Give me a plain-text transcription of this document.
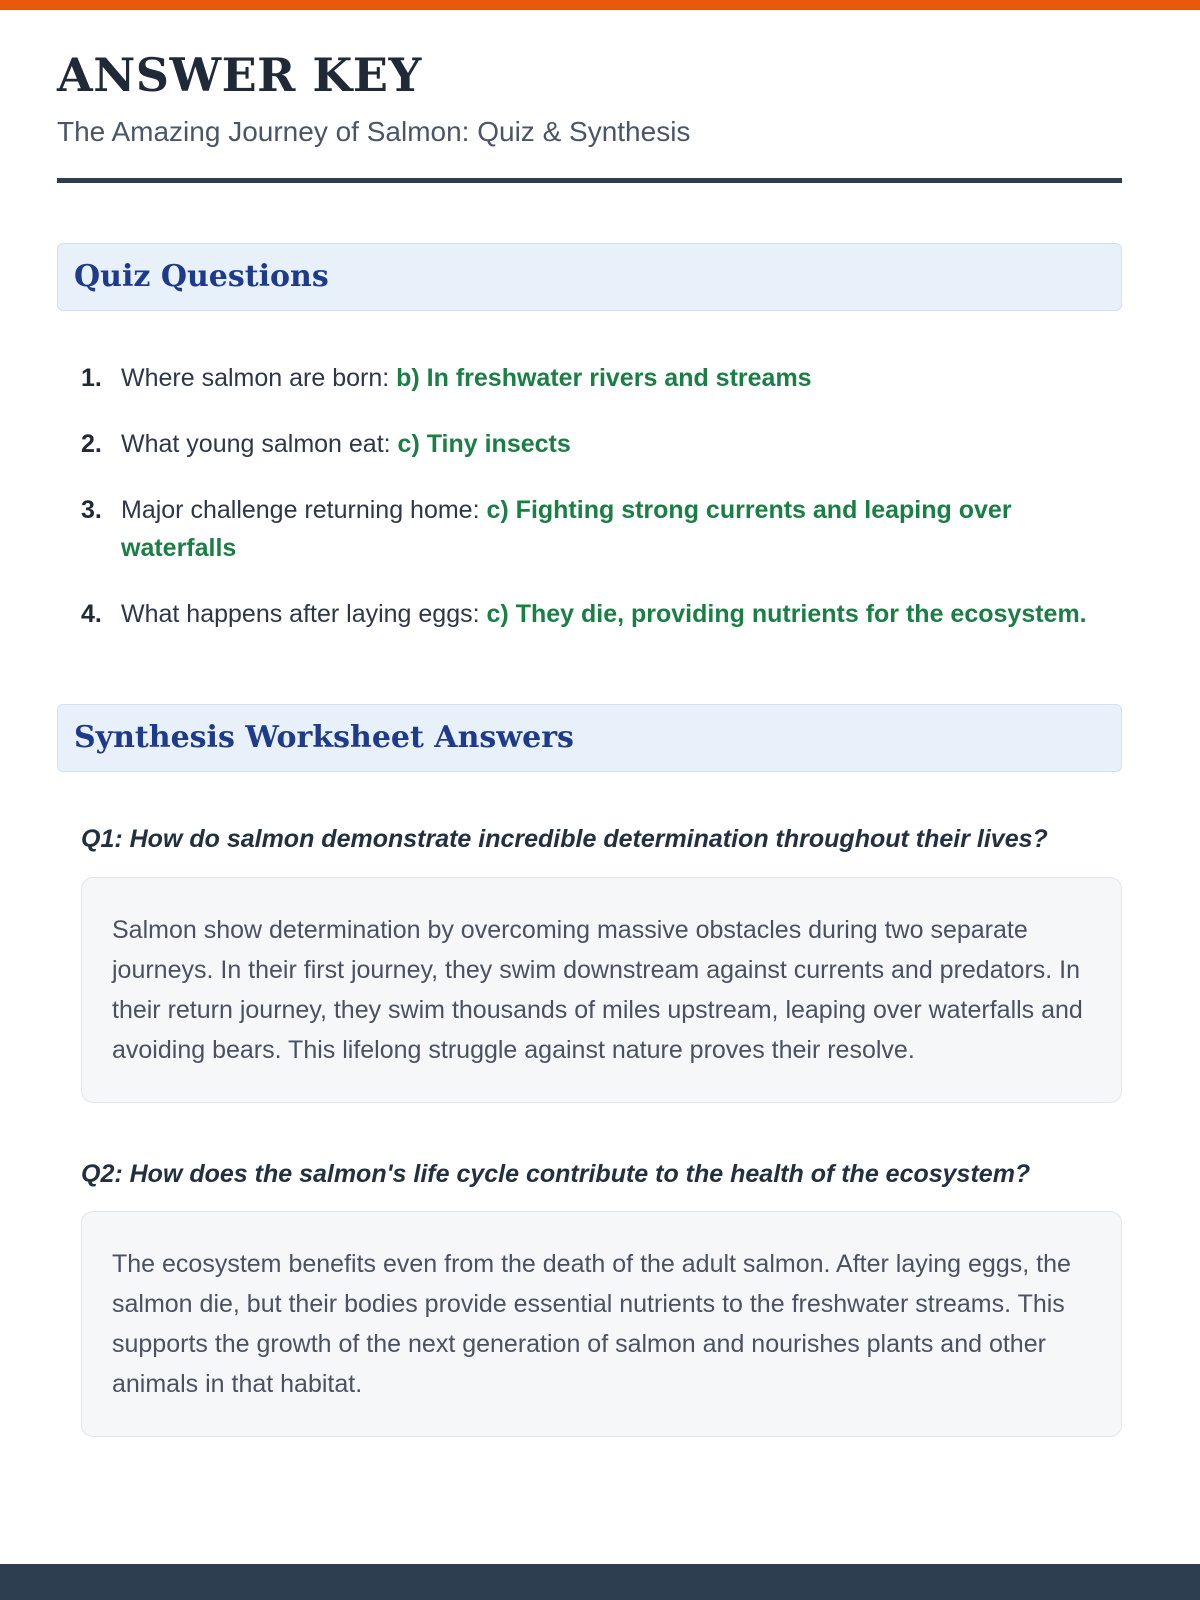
ANSWER KEY

The Amazing Journey of Salmon: Quiz & Synthesis

Quiz Questions
1. Where salmon are born: b) In freshwater rivers and streams
2. What young salmon eat: c) Tiny insects
3. Major challenge returning home: c) Fighting strong currents and leaping over waterfalls
4. What happens after laying eggs: c) They die, providing nutrients for the ecosystem.
Synthesis Worksheet Answers

Q1: How do salmon demonstrate incredible determination throughout their lives?

Salmon show determination by overcoming massive obstacles during two separate journeys. In their first journey, they swim downstream against currents and predators. In their return journey, they swim thousands of miles upstream, leaping over waterfalls and avoiding bears. This lifelong struggle against nature proves their resolve.

Q2: How does the salmon's life cycle contribute to the health of the ecosystem?

The ecosystem benefits even from the death of the adult salmon. After laying eggs, the salmon die, but their bodies provide essential nutrients to the freshwater streams. This supports the growth of the next generation of salmon and nourishes plants and other animals in that habitat.
